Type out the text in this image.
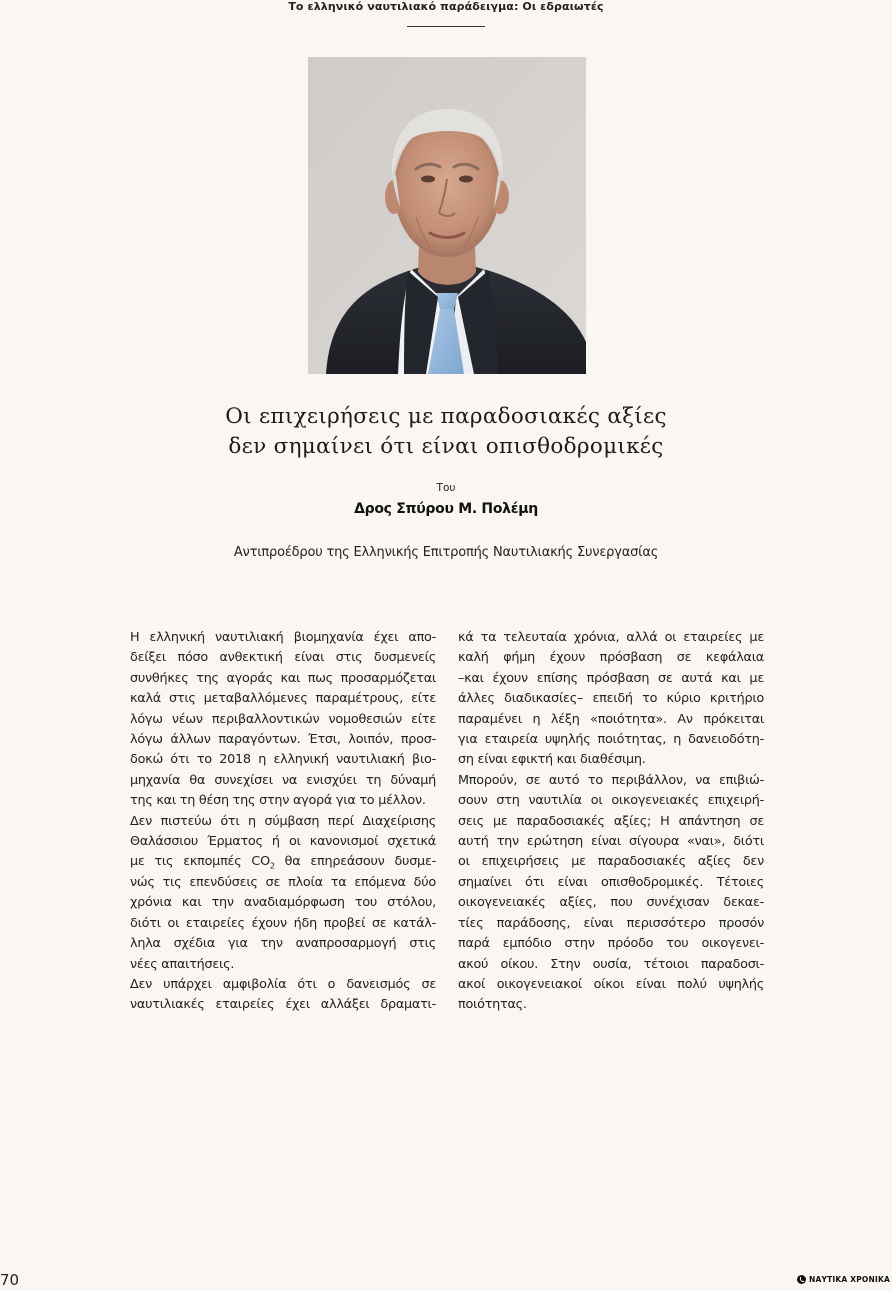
Το ελληνικό ναυτιλιακό παράδειγμα: Οι εδραιωτές
Οι επιχειρήσεις με παραδοσιακές αξίες
δεν σημαίνει ότι είναι οπισθοδρομικές
Του
Δρος Σπύρου Μ. Πολέμη
Αντιπροέδρου της Ελληνικής Επιτροπής Ναυτιλιακής Συνεργασίας

Η ελληνική ναυτιλιακή βιομηχανία έχει απο-
δείξει πόσο ανθεκτική είναι στις δυσμενείς
συνθήκες της αγοράς και πως προσαρμόζεται
καλά στις μεταβαλλόμενες παραμέτρους, είτε
λόγω νέων περιβαλλοντικών νομοθεσιών είτε
λόγω άλλων παραγόντων. Έτσι, λοιπόν, προσ-
δοκώ ότι το 2018 η ελληνική ναυτιλιακή βιο-
μηχανία θα συνεχίσει να ενισχύει τη δύναμή
της και τη θέση της στην αγορά για το μέλλον.

Δεν πιστεύω ότι η σύμβαση περί Διαχείρισης
Θαλάσσιου Έρματος ή οι κανονισμοί σχετικά
με τις εκπομπές $CO_2$ θα επηρεάσουν δυσμε-
νώς τις επενδύσεις σε πλοία τα επόμενα δύο
χρόνια και την αναδιαμόρφωση του στόλου,
διότι οι εταιρείες έχουν ήδη προβεί σε κατάλ-
ληλα σχέδια για την αναπροσαρμογή στις
νέες απαιτήσεις.

Δεν υπάρχει αμφιβολία ότι ο δανεισμός σε
ναυτιλιακές εταιρείες έχει αλλάξει δραματι-

κά τα τελευταία χρόνια, αλλά οι εταιρείες με
καλή φήμη έχουν πρόσβαση σε κεφάλαια
–και έχουν επίσης πρόσβαση σε αυτά και με
άλλες διαδικασίες– επειδή το κύριο κριτήριο
παραμένει η λέξη «ποιότητα». Αν πρόκειται
για εταιρεία υψηλής ποιότητας, η δανειοδότη-
ση είναι εφικτή και διαθέσιμη.

Μπορούν, σε αυτό το περιβάλλον, να επιβιώ-
σουν στη ναυτιλία οι οικογενειακές επιχειρή-
σεις με παραδοσιακές αξίες; Η απάντηση σε
αυτή την ερώτηση είναι σίγουρα «ναι», διότι
οι επιχειρήσεις με παραδοσιακές αξίες δεν
σημαίνει ότι είναι οπισθοδρομικές. Τέτοιες
οικογενειακές αξίες, που συνέχισαν δεκαε-
τίες παράδοσης, είναι περισσότερο προσόν
παρά εμπόδιο στην πρόοδο του οικογενει-
ακού οίκου. Στην ουσία, τέτοιοι παραδοσι-
ακοί οικογενειακοί οίκοι είναι πολύ υψηλής
ποιότητας.

70	ΝΑΥΤΙΚΑ ΧΡΟΝΙΚΑ
